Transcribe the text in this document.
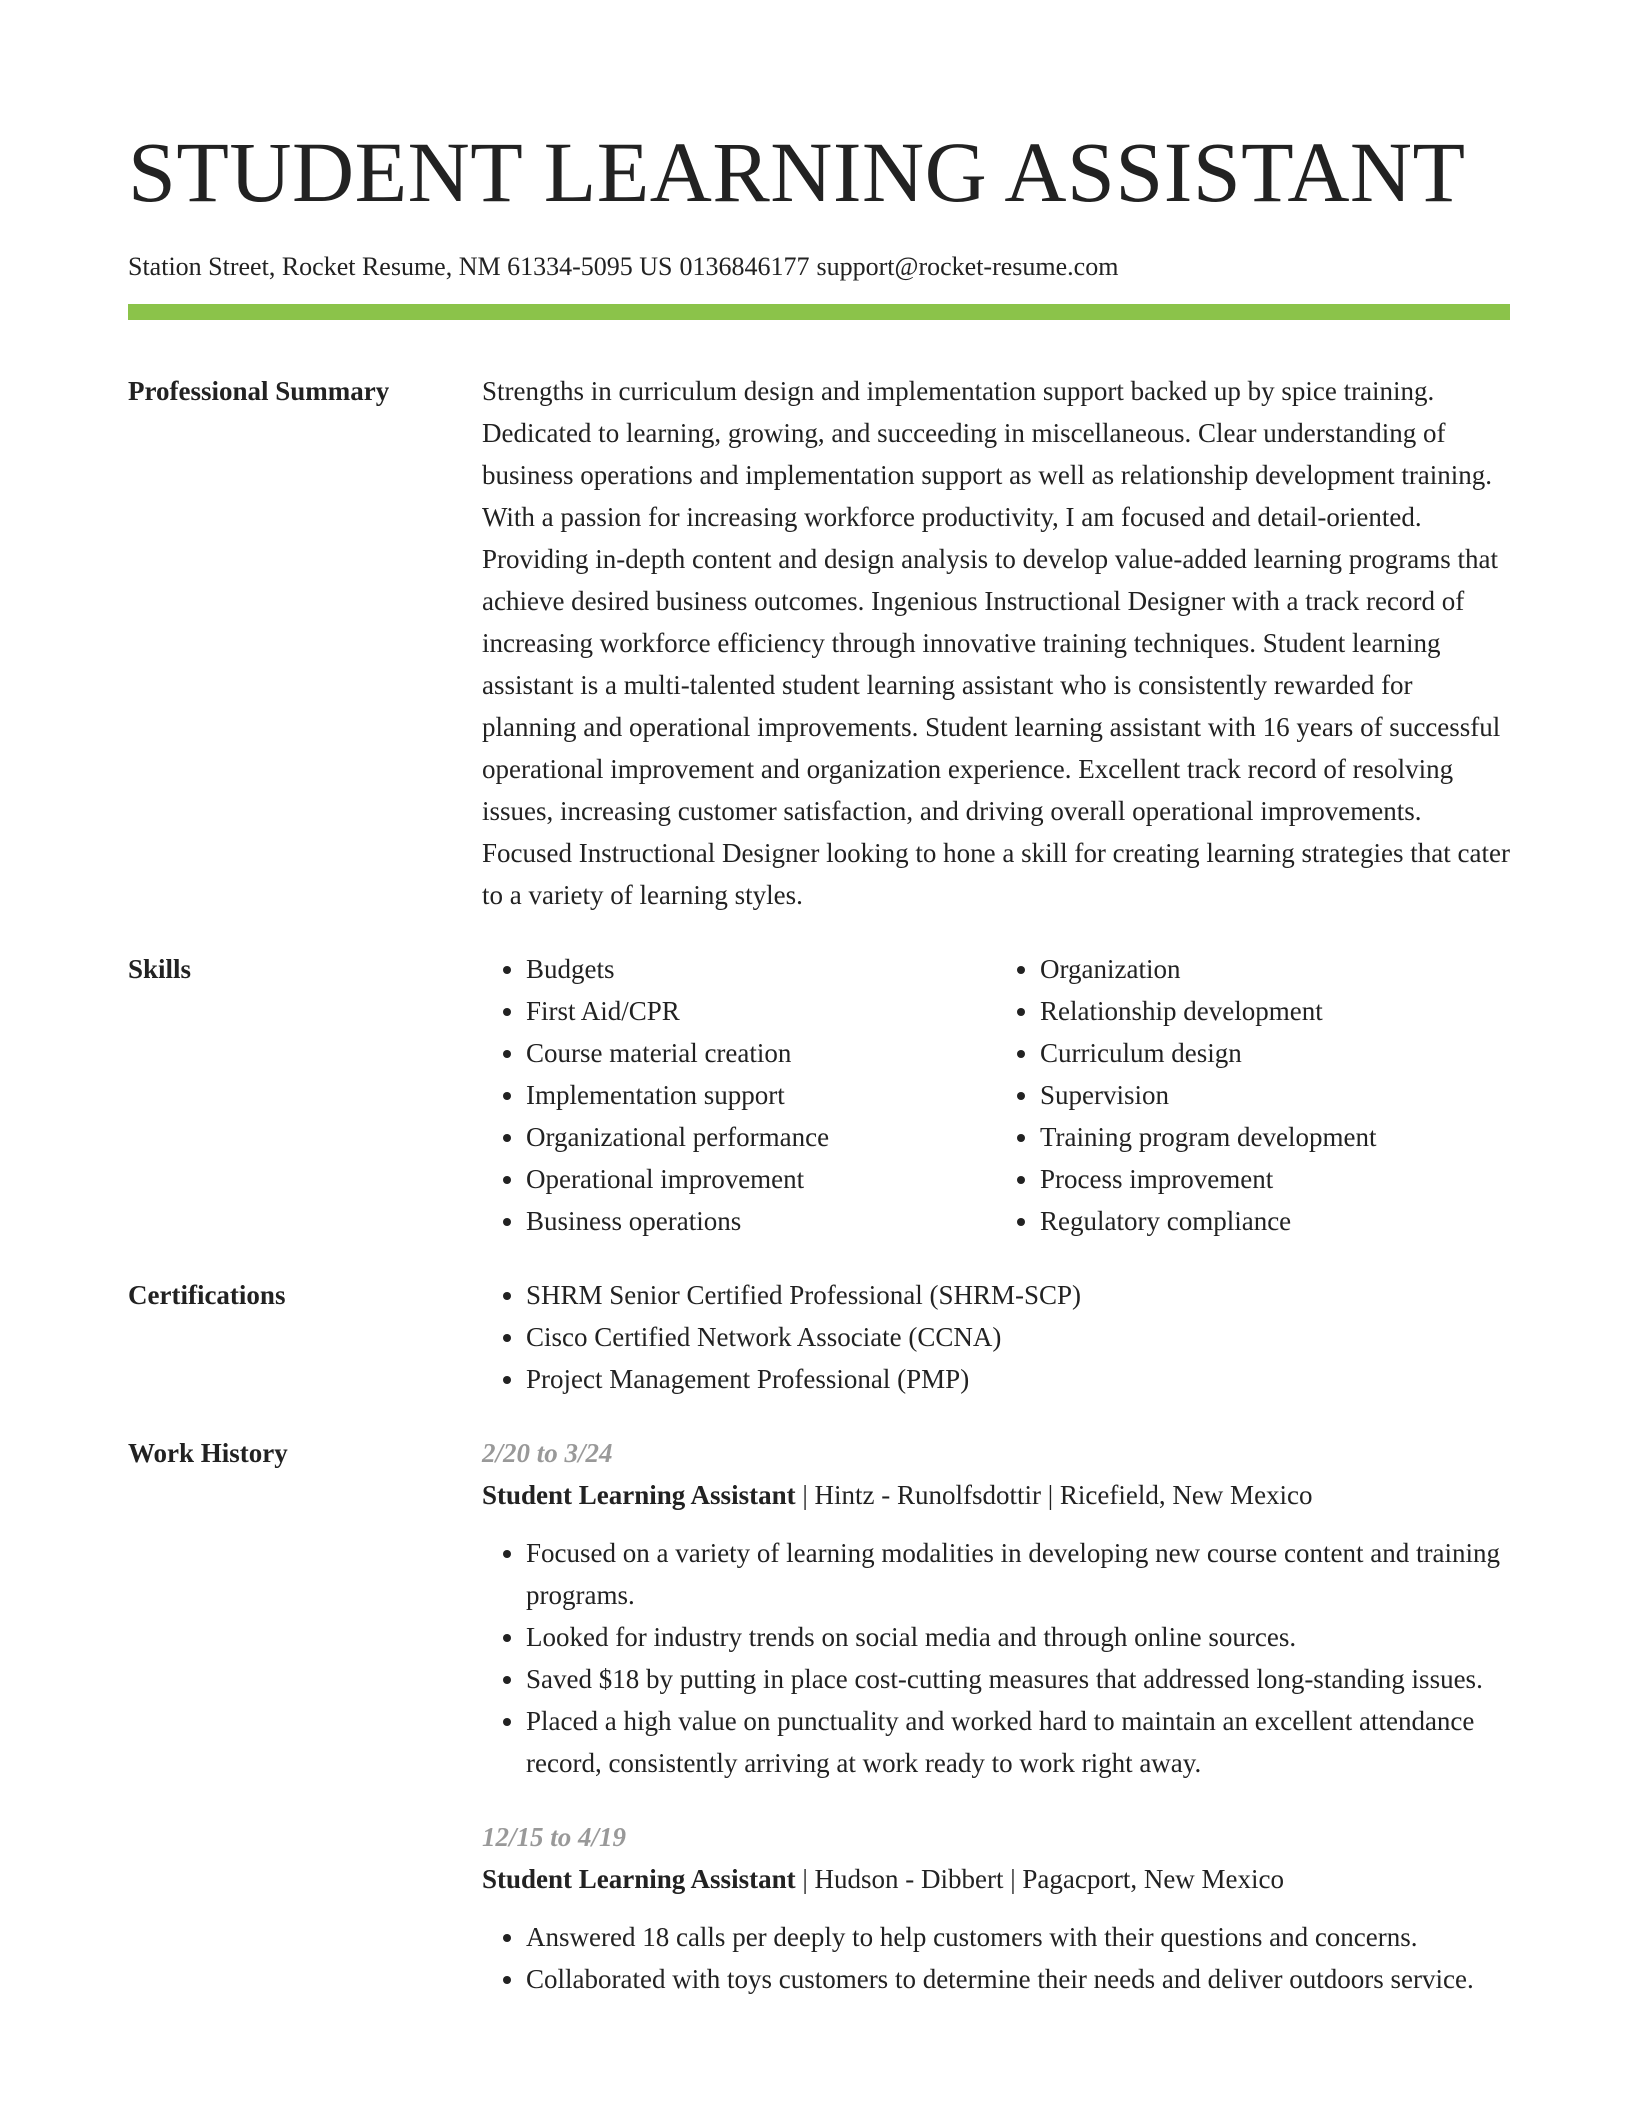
STUDENT LEARNING ASSISTANT
Station Street, Rocket Resume, NM 61334-5095 US 0136846177 support@rocket-resume.com
Professional Summary	Strengths in curriculum design and implementation support backed up by spice training. Dedicated to learning, growing, and succeeding in miscellaneous. Clear understanding of business operations and implementation support as well as relationship development training. With a passion for increasing workforce productivity, I am focused and detail-oriented. Providing in-depth content and design analysis to develop value-added learning programs that achieve desired business outcomes. Ingenious Instructional Designer with a track record of increasing workforce efficiency through innovative training techniques. Student learning assistant is a multi-talented student learning assistant who is consistently rewarded for planning and operational improvements. Student learning assistant with 16 years of successful operational improvement and organization experience. Excellent track record of resolving issues, increasing customer satisfaction, and driving overall operational improvements. Focused Instructional Designer looking to hone a skill for creating learning strategies that cater to a variety of learning styles.

Skills	• Budgets
• First Aid/CPR
• Course material creation
• Implementation support
• Organizational performance
• Operational improvement
• Business operations
• Organization
• Relationship development
• Curriculum design
• Supervision
• Training program development
• Process improvement
• Regulatory compliance
Certifications	• SHRM Senior Certified Professional (SHRM-SCP)
• Cisco Certified Network Associate (CCNA)
• Project Management Professional (PMP)
Work History	2/20 to 3/24
Student Learning Assistant | Hintz - Runolfsdottir | Ricefield, New Mexico
• Focused on a variety of learning modalities in developing new course content and training programs.
• Looked for industry trends on social media and through online sources.
• Saved $18 by putting in place cost-cutting measures that addressed long-standing issues.
• Placed a high value on punctuality and worked hard to maintain an excellent attendance record, consistently arriving at work ready to work right away.
12/15 to 4/19
Student Learning Assistant | Hudson - Dibbert | Pagacport, New Mexico
• Answered 18 calls per deeply to help customers with their questions and concerns.
• Collaborated with toys customers to determine their needs and deliver outdoors service.
